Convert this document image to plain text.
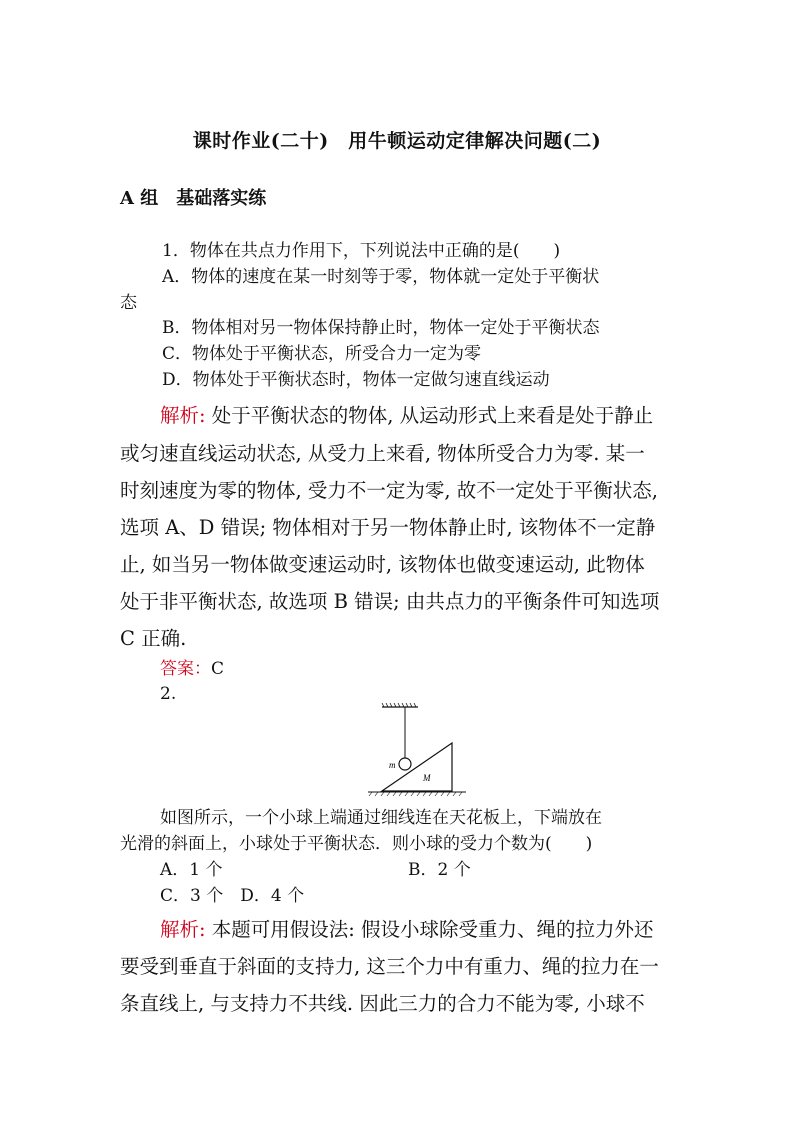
课时作业(二十)　用牛顿运动定律解决问题(二)
A 组　基础落实练
1．物体在共点力作用下，下列说法中正确的是(　　)
A．物体的速度在某一时刻等于零，物体就一定处于平衡状
态
B．物体相对另一物体保持静止时，物体一定处于平衡状态
C．物体处于平衡状态，所受合力一定为零
D．物体处于平衡状态时，物体一定做匀速直线运动
解析: 处于平衡状态的物体, 从运动形式上来看是处于静止
或匀速直线运动状态, 从受力上来看, 物体所受合力为零. 某一
时刻速度为零的物体, 受力不一定为零, 故不一定处于平衡状态,
选项 A、D 错误; 物体相对于另一物体静止时, 该物体不一定静
止, 如当另一物体做变速运动时, 该物体也做变速运动, 此物体
处于非平衡状态, 故选项 B 错误; 由共点力的平衡条件可知选项
C 正确.
答案：C
2.
m
M
如图所示，一个小球上端通过细线连在天花板上，下端放在
光滑的斜面上，小球处于平衡状态．则小球的受力个数为(　　)
A．1 个	B．2 个
C．3 个　D．4 个
解析: 本题可用假设法: 假设小球除受重力、绳的拉力外还
要受到垂直于斜面的支持力, 这三个力中有重力、绳的拉力在一
条直线上, 与支持力不共线. 因此三力的合力不能为零, 小球不
